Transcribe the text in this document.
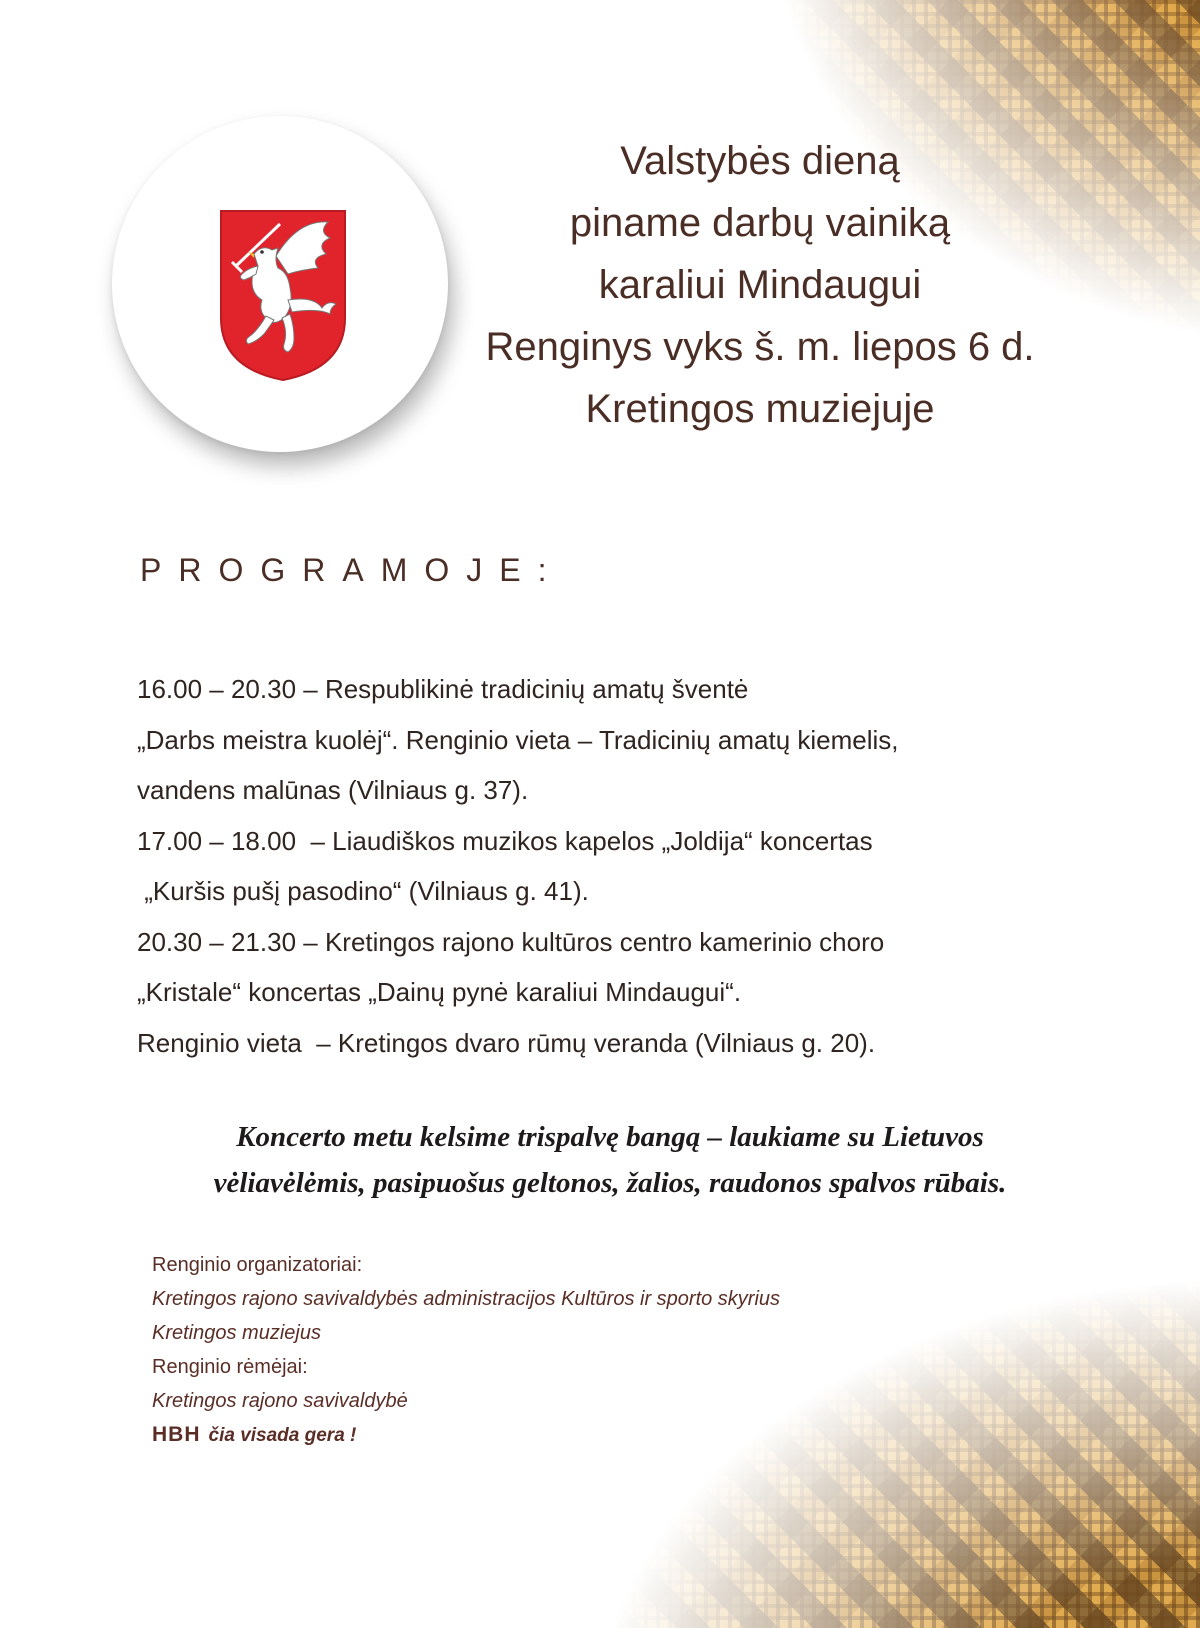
Valstybės dieną
piname darbų vainiką
karaliui Mindaugui
Renginys vyks š. m. liepos 6 d.
Kretingos muziejuje
PROGRAMOJE:
16.00 – 20.30 – Respublikinė tradicinių amatų šventė
„Darbs meistra kuolėj“. Renginio vieta – Tradicinių amatų kiemelis,
vandens malūnas (Vilniaus g. 37).
17.00 – 18.00  – Liaudiškos muzikos kapelos „Joldija“ koncertas
„Kuršis pušį pasodino“ (Vilniaus g. 41).
20.30 – 21.30 – Kretingos rajono kultūros centro kamerinio choro
„Kristale“ koncertas „Dainų pynė karaliui Mindaugui“.
Renginio vieta  – Kretingos dvaro rūmų veranda (Vilniaus g. 20).
Koncerto metu kelsime trispalvę bangą – laukiame su Lietuvos
vėliavėlėmis, pasipuošus geltonos, žalios, raudonos spalvos rūbais.
Renginio organizatoriai:
Kretingos rajono savivaldybės administracijos Kultūros ir sporto skyrius
Kretingos muziejus
Renginio rėmėjai:
Kretingos rajono savivaldybė
HBH čia visada gera !
